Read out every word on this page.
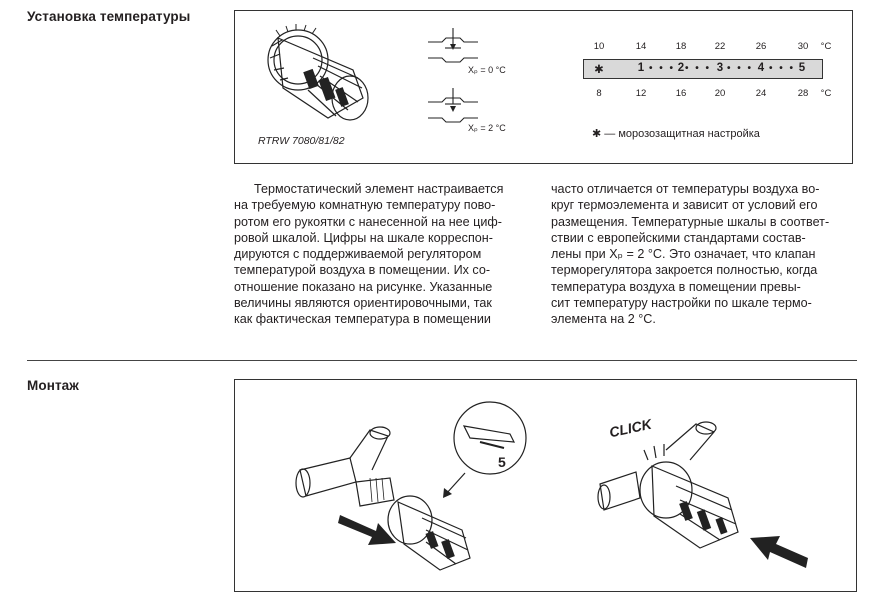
Установка температуры
RTRW 7080/81/82
Xₚ = 0 °C
Xₚ = 2 °C
10	14	18	22	26	30 °C
✱	1 • • • 2 • • • 3 • • • 4 • • • 5
8	12	16	20	24	28 °C
✱ — морозозащитная настройка
Термостатический элемент настраивается
на требуемую комнатную температуру пово-
ротом его рукоятки с нанесенной на нее циф-
ровой шкалой. Цифры на шкале корреспон-
дируются с поддерживаемой регулятором
температурой воздуха в помещении. Их со-
отношение показано на рисунке. Указанные
величины являются ориентировочными, так
как фактическая температура в помещении
часто отличается от температуры воздуха во-
круг термоэлемента и зависит от условий его
размещения. Температурные шкалы в соответ-
ствии с европейскими стандартами состав-
лены при Xₚ = 2 °C. Это означает, что клапан
терморегулятора закроется полностью, когда
температура воздуха в помещении превы-
сит температуру настройки по шкале термо-
элемента на 2 °C.
Монтаж
5
CLICK
